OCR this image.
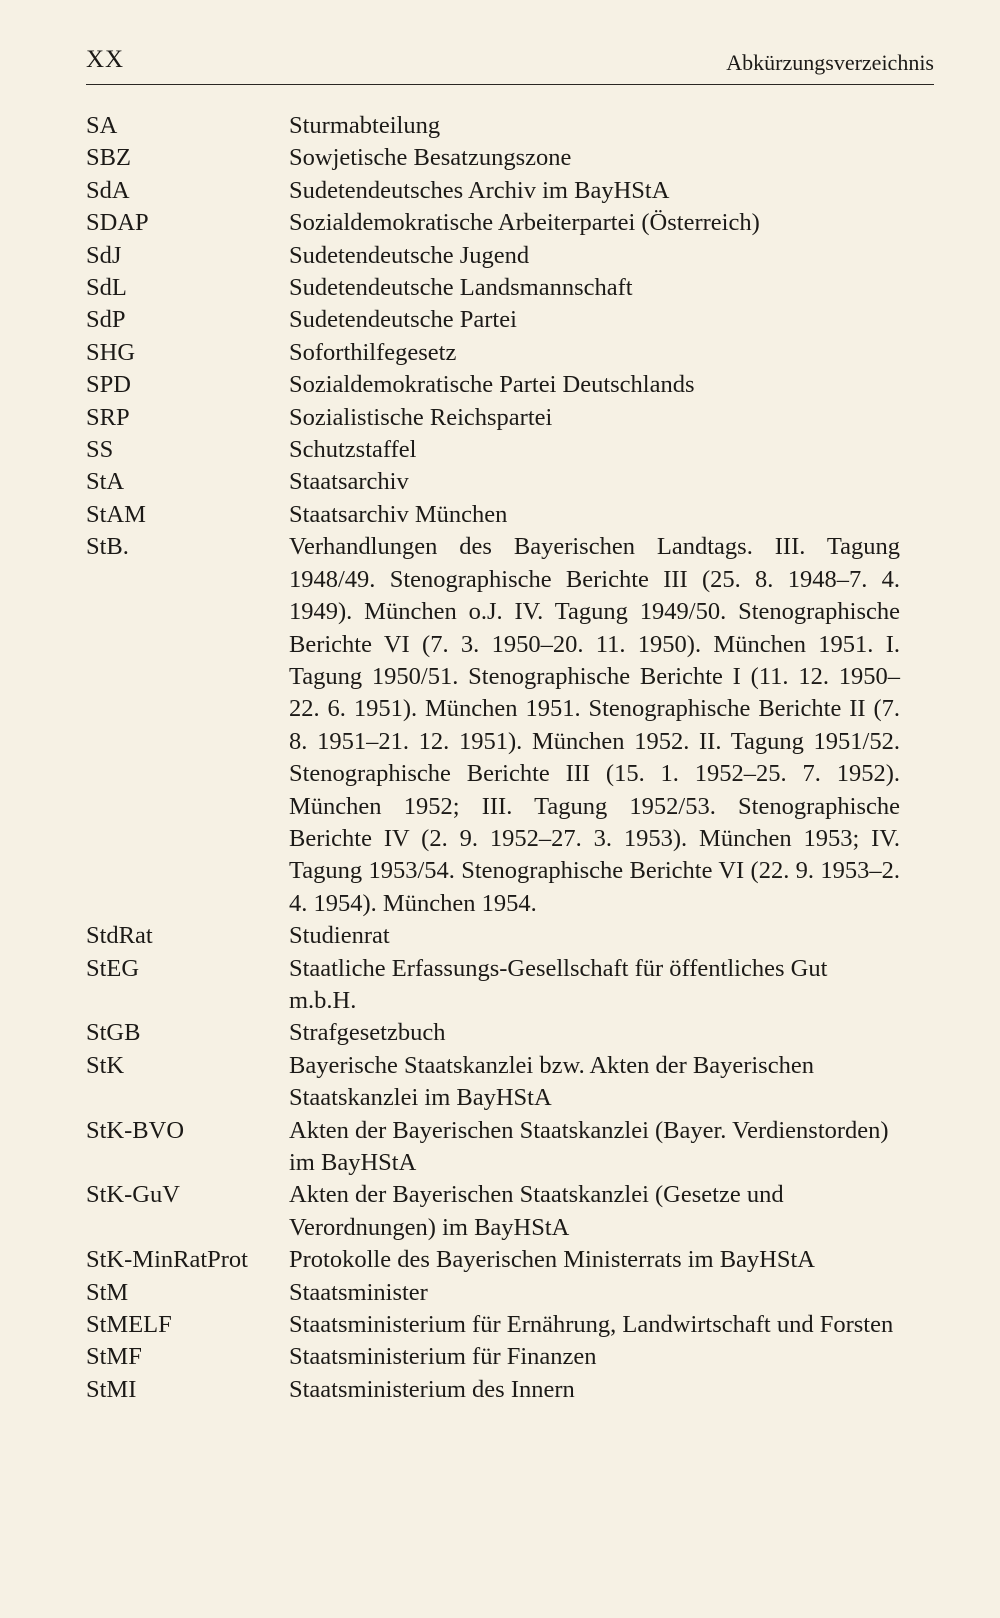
XX	Abkürzungsverzeichnis
SA	Sturmabteilung
SBZ	Sowjetische Besatzungszone
SdA	Sudetendeutsches Archiv im BayHStA
SDAP	Sozialdemokratische Arbeiterpartei (Österreich)
SdJ	Sudetendeutsche Jugend
SdL	Sudetendeutsche Landsmannschaft
SdP	Sudetendeutsche Partei
SHG	Soforthilfegesetz
SPD	Sozialdemokratische Partei Deutschlands
SRP	Sozialistische Reichspartei
SS	Schutzstaffel
StA	Staatsarchiv
StAM	Staatsarchiv München
StB.	Verhandlungen des Bayerischen Landtags. III. Tagung 1948/49. Stenographische Berichte III (25. 8. 1948–7. 4. 1949). München o.J. IV. Tagung 1949/50. Stenographische Berichte VI (7. 3. 1950–20. 11. 1950). München 1951. I. Tagung 1950/51. Stenographische Berichte I (11. 12. 1950–22. 6. 1951). München 1951. Stenographische Berichte II (7. 8. 1951–21. 12. 1951). München 1952. II. Tagung 1951/52. Stenographische Berichte III (15. 1. 1952–25. 7. 1952). München 1952; III. Tagung 1952/53. Stenographische Berichte IV (2. 9. 1952–27. 3. 1953). München 1953; IV. Tagung 1953/54. Stenographische Berichte VI (22. 9. 1953–2. 4. 1954). München 1954.
StdRat	Studienrat
StEG	Staatliche Erfassungs-Gesellschaft für öffentliches Gut m.b.H.
StGB	Strafgesetzbuch
StK	Bayerische Staatskanzlei bzw. Akten der Bayerischen Staatskanzlei im BayHStA
StK-BVO	Akten der Bayerischen Staatskanzlei (Bayer. Verdienstorden) im BayHStA
StK-GuV	Akten der Bayerischen Staatskanzlei (Gesetze und Verordnungen) im BayHStA
StK-MinRatProt	Protokolle des Bayerischen Ministerrats im BayHStA
StM	Staatsminister
StMELF	Staatsministerium für Ernährung, Landwirtschaft und Forsten
StMF	Staatsministerium für Finanzen
StMI	Staatsministerium des Innern
